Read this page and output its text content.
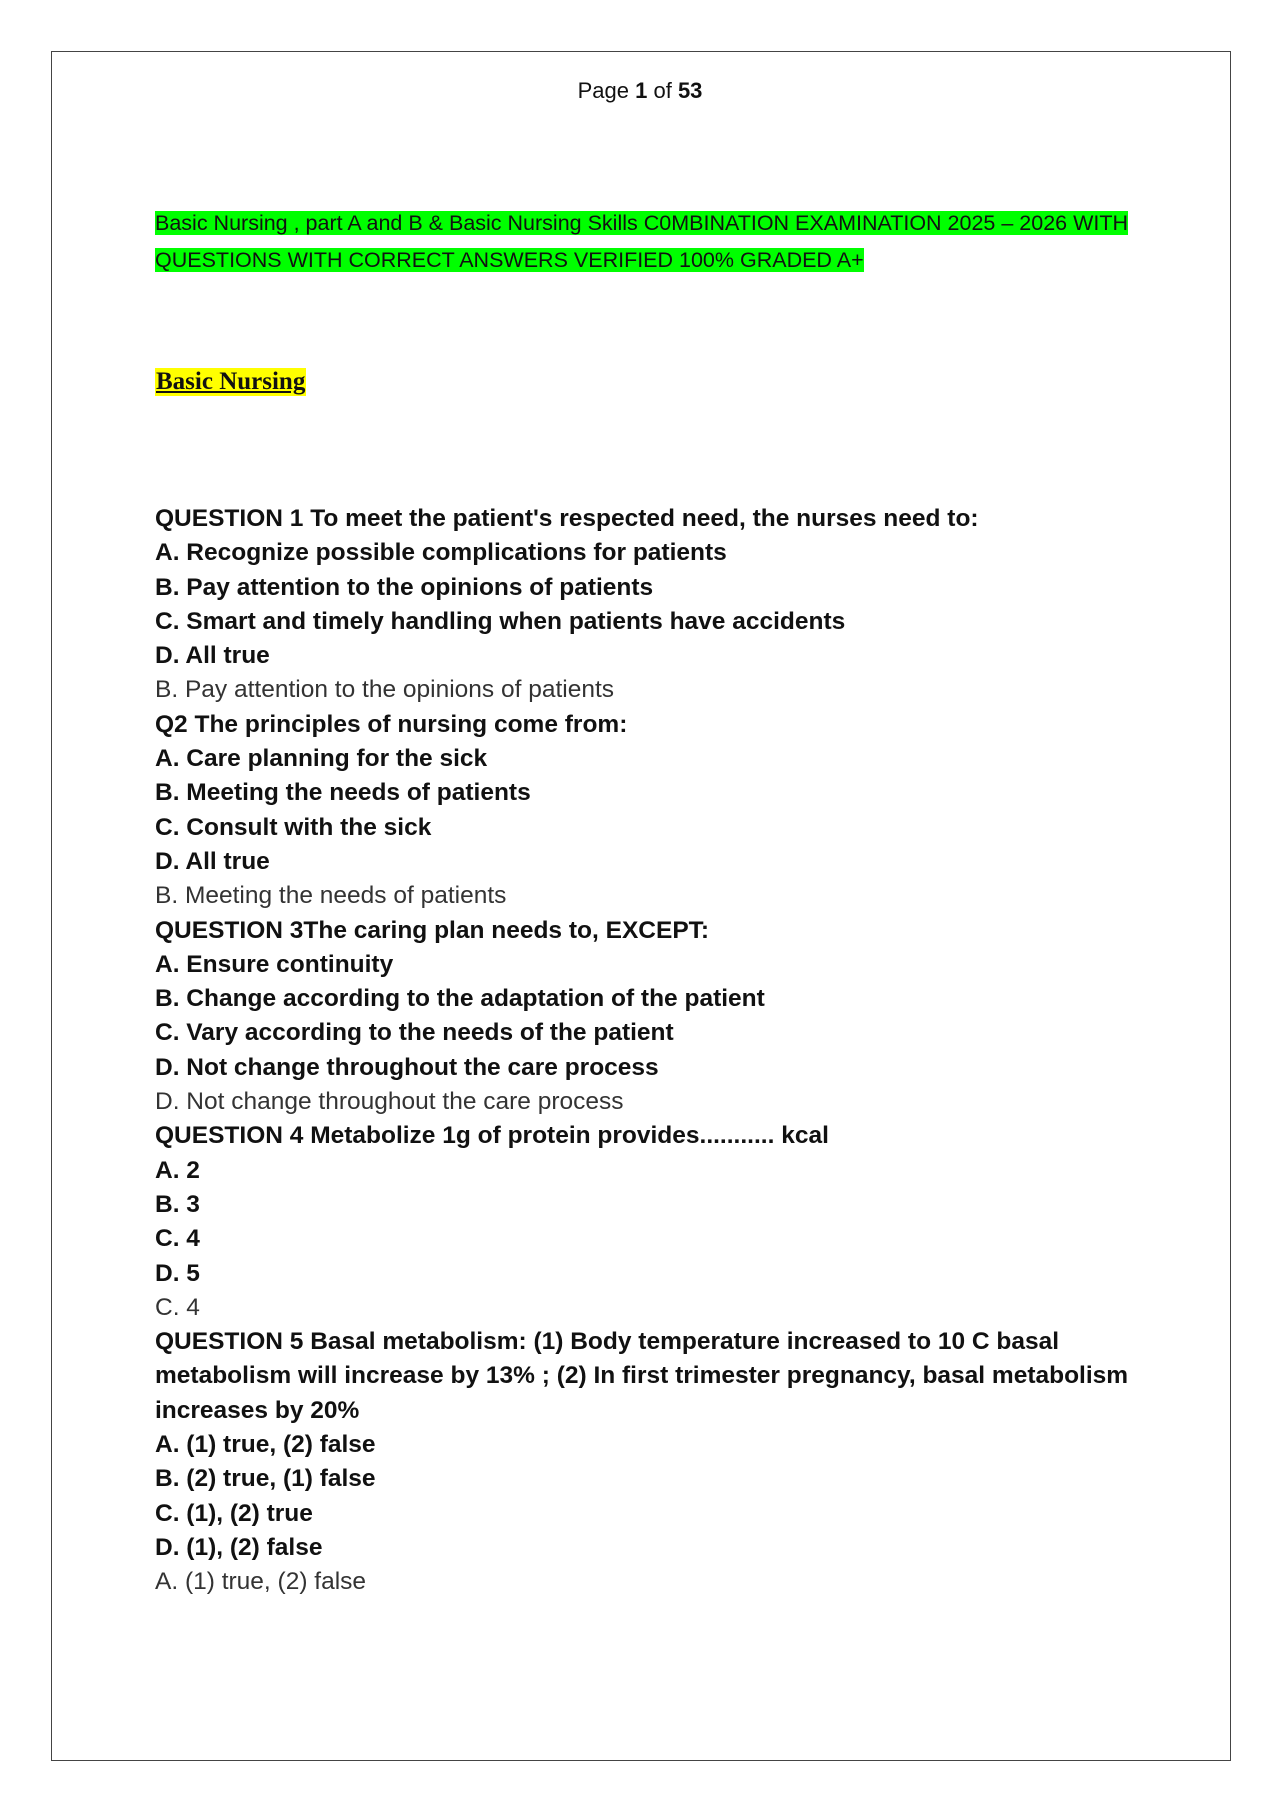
Page 1 of 53
Basic Nursing , part A and B & Basic Nursing Skills C0MBINATION EXAMINATION 2025 – 2026 WITH QUESTIONS WITH CORRECT ANSWERS VERIFIED 100% GRADED A+
Basic Nursing
QUESTION 1 To meet the patient's respected need, the nurses need to:
A. Recognize possible complications for patients
B. Pay attention to the opinions of patients
C. Smart and timely handling when patients have accidents
D. All true
B. Pay attention to the opinions of patients
Q2 The principles of nursing come from:
A. Care planning for the sick
B. Meeting the needs of patients
C. Consult with the sick
D. All true
B. Meeting the needs of patients
QUESTION 3The caring plan needs to, EXCEPT:
A. Ensure continuity
B. Change according to the adaptation of the patient
C. Vary according to the needs of the patient
D. Not change throughout the care process
D. Not change throughout the care process
QUESTION 4 Metabolize 1g of protein provides........... kcal
A. 2
B. 3
C. 4
D. 5
C. 4
QUESTION 5 Basal metabolism: (1) Body temperature increased to 10 C basal metabolism will increase by 13% ; (2) In first trimester pregnancy, basal metabolism increases by 20%
A. (1) true, (2) false
B. (2) true, (1) false
C. (1), (2) true
D. (1), (2) false
A. (1) true, (2) false
